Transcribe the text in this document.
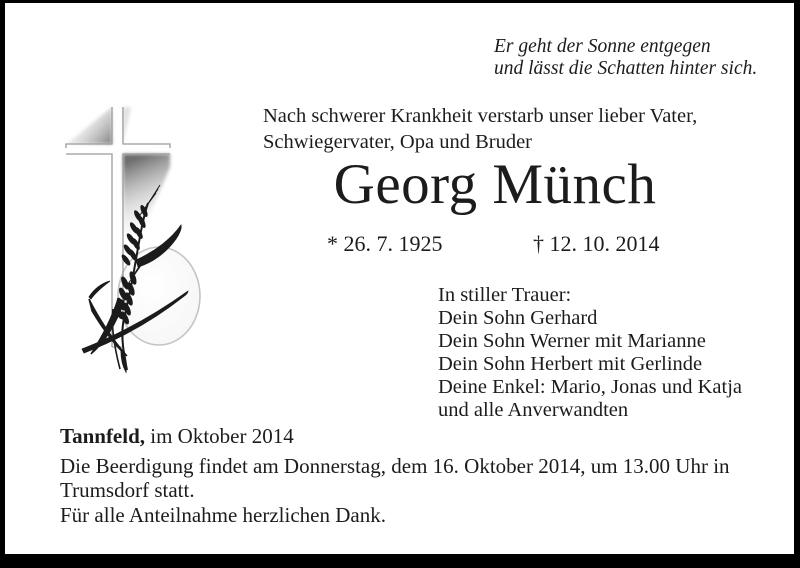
Er geht der Sonne entgegen
und lässt die Schatten hinter sich.
Nach schwerer Krankheit verstarb unser lieber Vater,
Schwiegervater, Opa und Bruder
Georg Münch
* 26. 7. 1925	† 12. 10. 2014
In stiller Trauer:
Dein Sohn Gerhard
Dein Sohn Werner mit Marianne
Dein Sohn Herbert mit Gerlinde
Deine Enkel: Mario, Jonas und Katja
und alle Anverwandten
Tannfeld, im Oktober 2014
Die Beerdigung findet am Donnerstag, dem 16. Oktober 2014, um 13.00 Uhr in
Trumsdorf statt.
Für alle Anteilnahme herzlichen Dank.
